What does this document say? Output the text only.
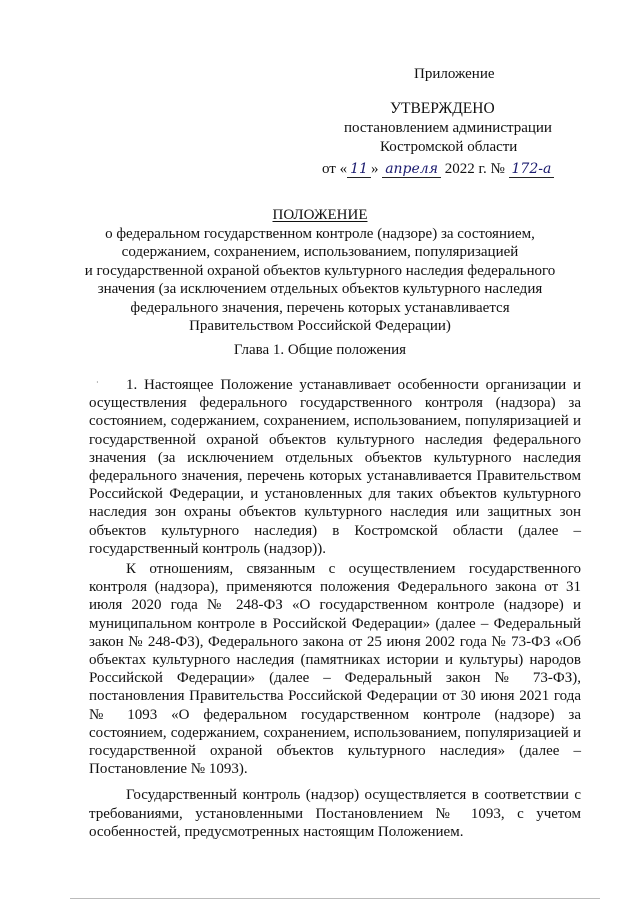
Приложение
УТВЕРЖДЕНО
постановлением администрации
Костромской области
от « 11 » апреля 2022 г. № 172-а
ПОЛОЖЕНИЕ
о федеральном государственном контроле (надзоре) за состоянием,
содержанием, сохранением, использованием, популяризацией
и государственной охраной объектов культурного наследия федерального
значения (за исключением отдельных объектов культурного наследия
федерального значения, перечень которых устанавливается
Правительством Российской Федерации)
Глава 1. Общие положения
·	1. Настоящее Положение устанавливает особенности организации и осуществления федерального государственного контроля (надзора) за состоянием, содержанием, сохранением, использованием, популяризацией и государственной охраной объектов культурного наследия федерального значения (за исключением отдельных объектов культурного наследия федерального значения, перечень которых устанавливается Правительством Российской Федерации, и установленных для таких объектов культурного наследия зон охраны объектов культурного наследия или защитных зон объектов культурного наследия) в Костромской области (далее – государственный контроль (надзор)).

К отношениям, связанным с осуществлением государственного контроля (надзора), применяются положения Федерального закона от 31 июля 2020 года № 248-ФЗ «О государственном контроле (надзоре) и муниципальном контроле в Российской Федерации» (далее – Федеральный закон № 248-ФЗ), Федерального закона от 25 июня 2002 года № 73-ФЗ «Об объектах культурного наследия (памятниках истории и культуры) народов Российской Федерации» (далее – Федеральный закон № 73-ФЗ), постановления Правительства Российской Федерации от 30 июня 2021 года № 1093 «О федеральном государственном контроле (надзоре) за состоянием, содержанием, сохранением, использованием, популяризацией и государственной охраной объектов культурного наследия» (далее – Постановление № 1093).

Государственный контроль (надзор) осуществляется в соответствии с требованиями, установленными Постановлением № 1093, с учетом особенностей, предусмотренных настоящим Положением.
